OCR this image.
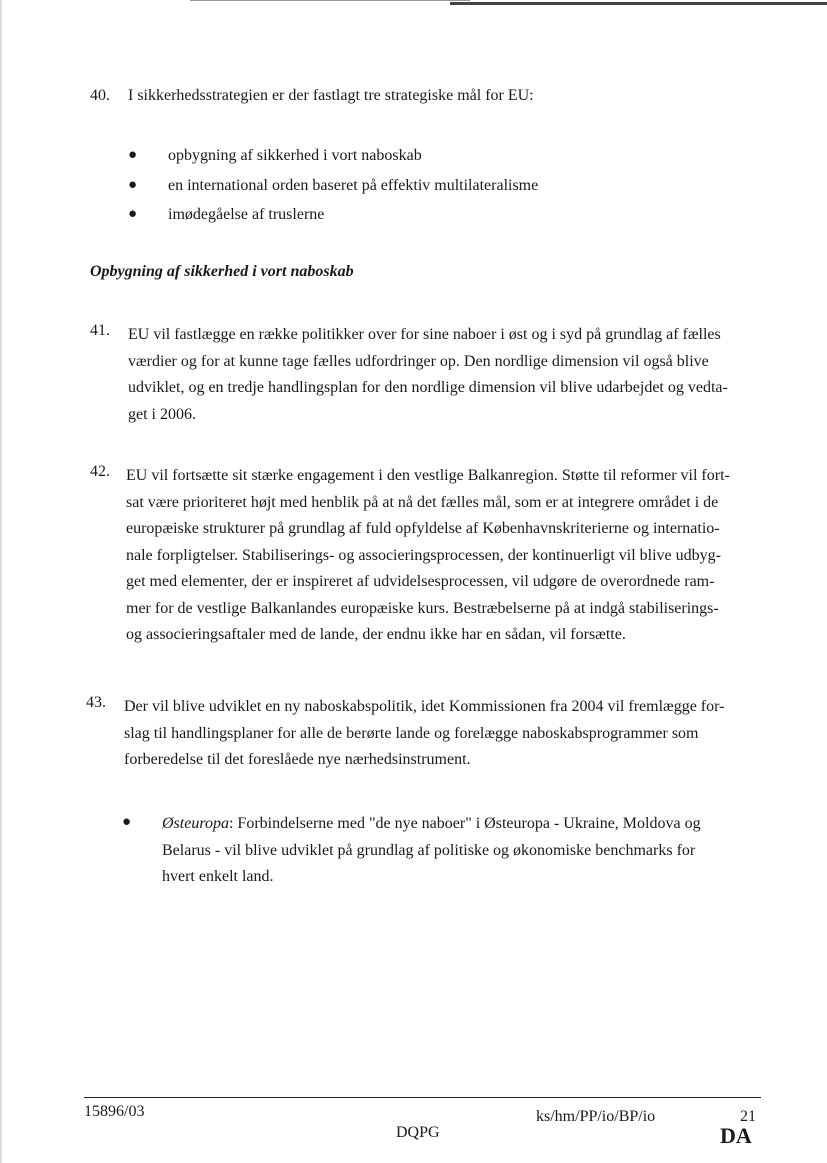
40. I sikkerhedsstrategien er der fastlagt tre strategiske mål for EU:
● opbygning af sikkerhed i vort naboskab
● en international orden baseret på effektiv multilateralisme
● imødegåelse af truslerne
Opbygning af sikkerhed i vort naboskab
41. EU vil fastlægge en række politikker over for sine naboer i øst og i syd på grundlag af fælles
værdier og for at kunne tage fælles udfordringer op. Den nordlige dimension vil også blive
udviklet, og en tredje handlingsplan for den nordlige dimension vil blive udarbejdet og vedta-
get i 2006.
42. EU vil fortsætte sit stærke engagement i den vestlige Balkanregion. Støtte til reformer vil fort-
sat være prioriteret højt med henblik på at nå det fælles mål, som er at integrere området i de
europæiske strukturer på grundlag af fuld opfyldelse af Københavnskriterierne og internatio-
nale forpligtelser. Stabiliserings- og associeringsprocessen, der kontinuerligt vil blive udbyg-
get med elementer, der er inspireret af udvidelsesprocessen, vil udgøre de overordnede ram-
mer for de vestlige Balkanlandes europæiske kurs. Bestræbelserne på at indgå stabiliserings-
og associeringsaftaler med de lande, der endnu ikke har en sådan, vil forsætte.
43. Der vil blive udviklet en ny naboskabspolitik, idet Kommissionen fra 2004 vil fremlægge for-
slag til handlingsplaner for alle de berørte lande og forelægge naboskabsprogrammer som
forberedelse til det foreslåede nye nærhedsinstrument.
● Østeuropa: Forbindelserne med "de nye naboer" i Østeuropa - Ukraine, Moldova og
Belarus - vil blive udviklet på grundlag af politiske og økonomiske benchmarks for
hvert enkelt land.
15896/03	ks/hm/PP/io/BP/io	21
DQPG	DA
